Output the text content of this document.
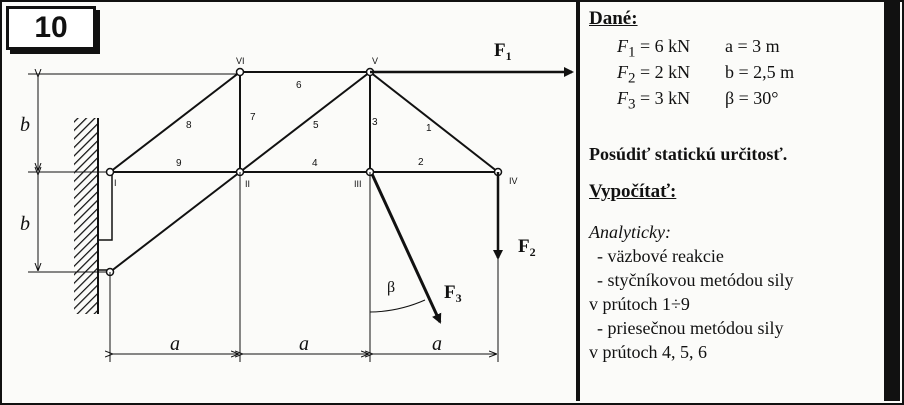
10
I	II	III	IV
V
VI
1
2
3
4
5
6
7
8
9
$F_1$
$F_2$
$F_3$
β
b
b
a	a	a
Dané:
$F_1 = 6$ kN	a = 3 m
$F_2 = 2$ kN	b = 2,5 m
$F_3 = 3$ kN	β = 30°
Posúdiť statickú určitosť.
Vypočítať:
Analyticky:
- väzbové reakcie
- styčníkovou metódou sily
v prútoch 1÷9
- priesečnou metódou sily
v prútoch 4, 5, 6
